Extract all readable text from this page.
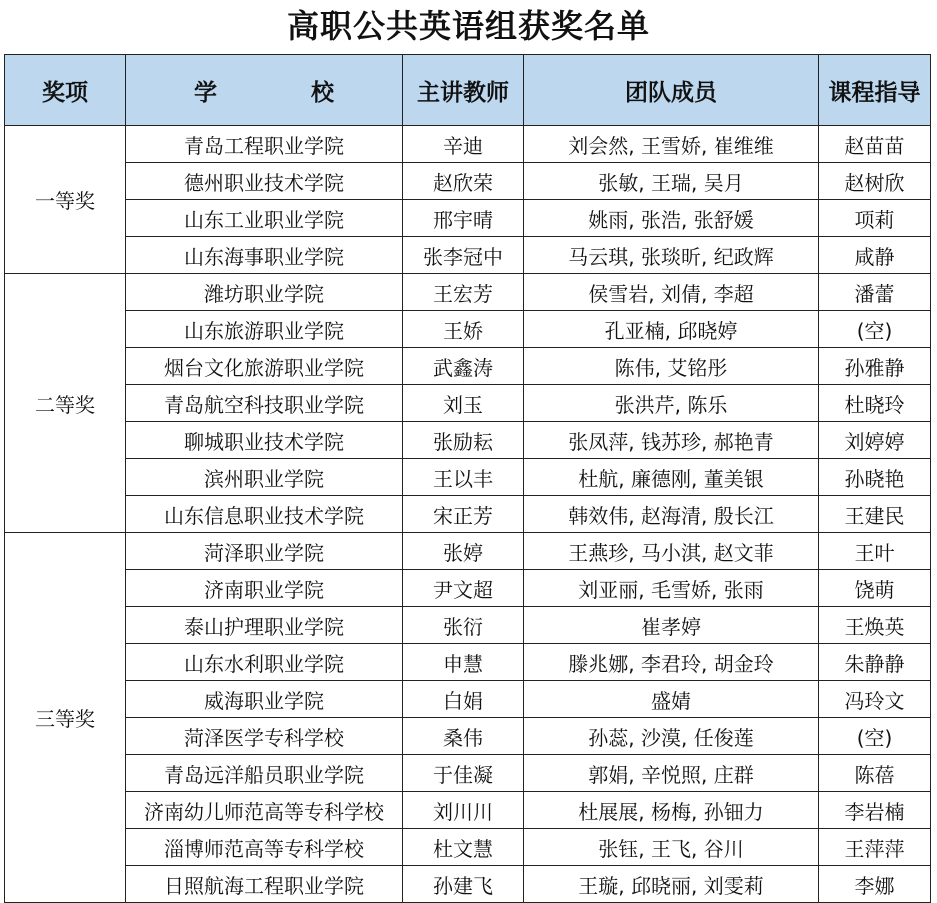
高职公共英语组获奖名单
奖项	学 校	主讲教师	团队成员	课程指导
一等奖	青岛工程职业学院	辛迪	刘会然, 王雪娇, 崔维维	赵苗苗
	德州职业技术学院	赵欣荣	张敏, 王瑞, 吴月	赵树欣
	山东工业职业学院	邢宇晴	姚雨, 张浩, 张舒媛	项莉
	山东海事职业学院	张李冠中	马云琪, 张琰昕, 纪政辉	咸静
二等奖	潍坊职业学院	王宏芳	侯雪岩, 刘倩, 李超	潘蕾
	山东旅游职业学院	王娇	孔亚楠, 邱晓婷	(空)
	烟台文化旅游职业学院	武鑫涛	陈伟, 艾铭彤	孙雅静
	青岛航空科技职业学院	刘玉	张洪芹, 陈乐	杜晓玲
	聊城职业技术学院	张励耘	张凤萍, 钱苏珍, 郝艳青	刘婷婷
	滨州职业学院	王以丰	杜航, 廉德刚, 董美银	孙晓艳
	山东信息职业技术学院	宋正芳	韩效伟, 赵海清, 殷长江	王建民
三等奖	菏泽职业学院	张婷	王燕珍, 马小淇, 赵文菲	王叶
	济南职业学院	尹文超	刘亚丽, 毛雪娇, 张雨	饶萌
	泰山护理职业学院	张衍	崔孝婷	王焕英
	山东水利职业学院	申慧	滕兆娜, 李君玲, 胡金玲	朱静静
	威海职业学院	白娟	盛婧	冯玲文
	菏泽医学专科学校	桑伟	孙蕊, 沙漠, 任俊莲	(空)
	青岛远洋船员职业学院	于佳凝	郭娟, 辛悦照, 庄群	陈蓓
	济南幼儿师范高等专科学校	刘川川	杜展展, 杨梅, 孙钿力	李岩楠
	淄博师范高等专科学校	杜文慧	张钰, 王飞, 谷川	王萍萍
	日照航海工程职业学院	孙建飞	王璇, 邱晓丽, 刘雯莉	李娜
